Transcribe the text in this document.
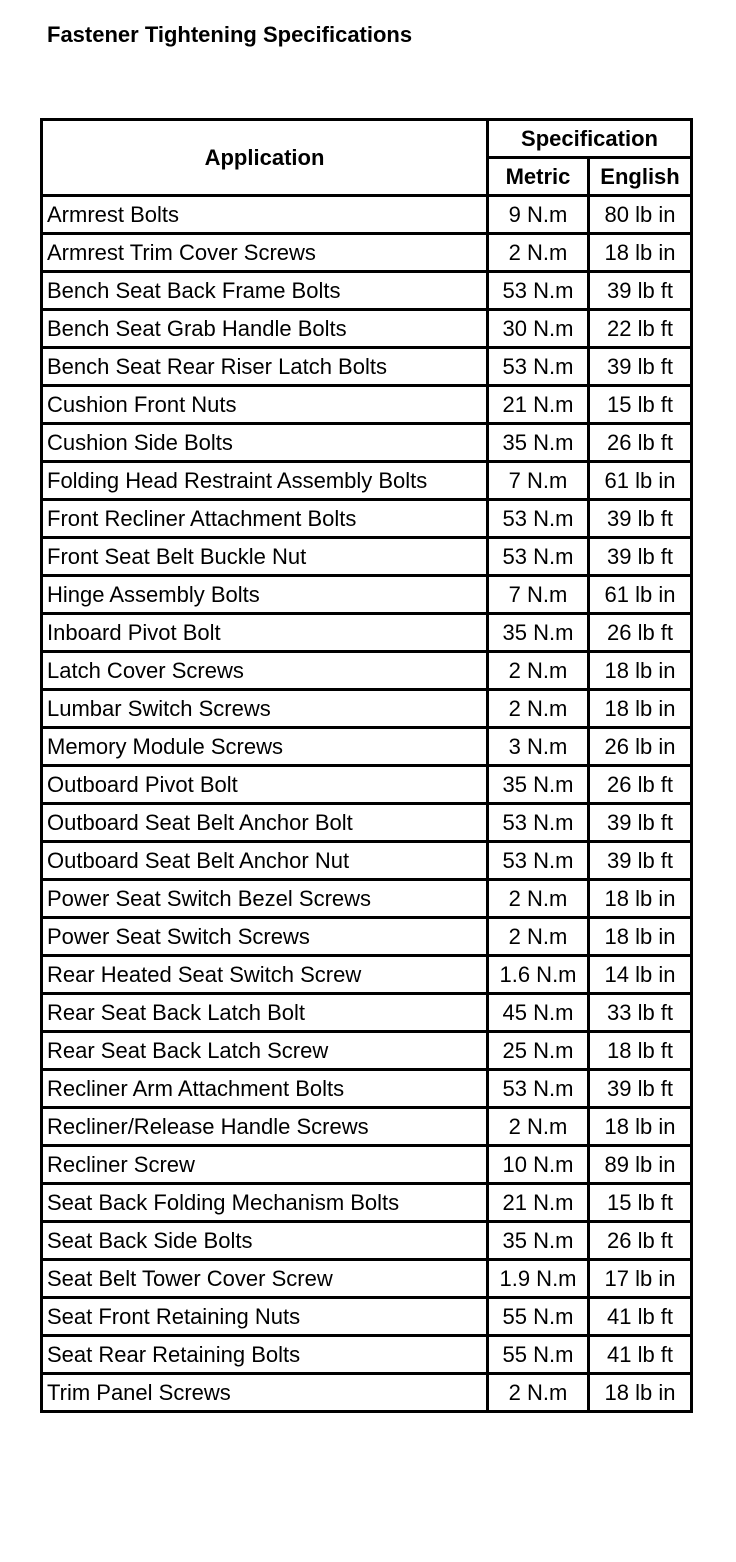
Fastener Tightening Specifications
Application	Specification	
	Metric	English
Armrest Bolts	9 N.m	80 lb in
Armrest Trim Cover Screws	2 N.m	18 lb in
Bench Seat Back Frame Bolts	53 N.m	39 lb ft
Bench Seat Grab Handle Bolts	30 N.m	22 lb ft
Bench Seat Rear Riser Latch Bolts	53 N.m	39 lb ft
Cushion Front Nuts	21 N.m	15 lb ft
Cushion Side Bolts	35 N.m	26 lb ft
Folding Head Restraint Assembly Bolts	7 N.m	61 lb in
Front Recliner Attachment Bolts	53 N.m	39 lb ft
Front Seat Belt Buckle Nut	53 N.m	39 lb ft
Hinge Assembly Bolts	7 N.m	61 lb in
Inboard Pivot Bolt	35 N.m	26 lb ft
Latch Cover Screws	2 N.m	18 lb in
Lumbar Switch Screws	2 N.m	18 lb in
Memory Module Screws	3 N.m	26 lb in
Outboard Pivot Bolt	35 N.m	26 lb ft
Outboard Seat Belt Anchor Bolt	53 N.m	39 lb ft
Outboard Seat Belt Anchor Nut	53 N.m	39 lb ft
Power Seat Switch Bezel Screws	2 N.m	18 lb in
Power Seat Switch Screws	2 N.m	18 lb in
Rear Heated Seat Switch Screw	1.6 N.m	14 lb in
Rear Seat Back Latch Bolt	45 N.m	33 lb ft
Rear Seat Back Latch Screw	25 N.m	18 lb ft
Recliner Arm Attachment Bolts	53 N.m	39 lb ft
Recliner/Release Handle Screws	2 N.m	18 lb in
Recliner Screw	10 N.m	89 lb in
Seat Back Folding Mechanism Bolts	21 N.m	15 lb ft
Seat Back Side Bolts	35 N.m	26 lb ft
Seat Belt Tower Cover Screw	1.9 N.m	17 lb in
Seat Front Retaining Nuts	55 N.m	41 lb ft
Seat Rear Retaining Bolts	55 N.m	41 lb ft
Trim Panel Screws	2 N.m	18 lb in
